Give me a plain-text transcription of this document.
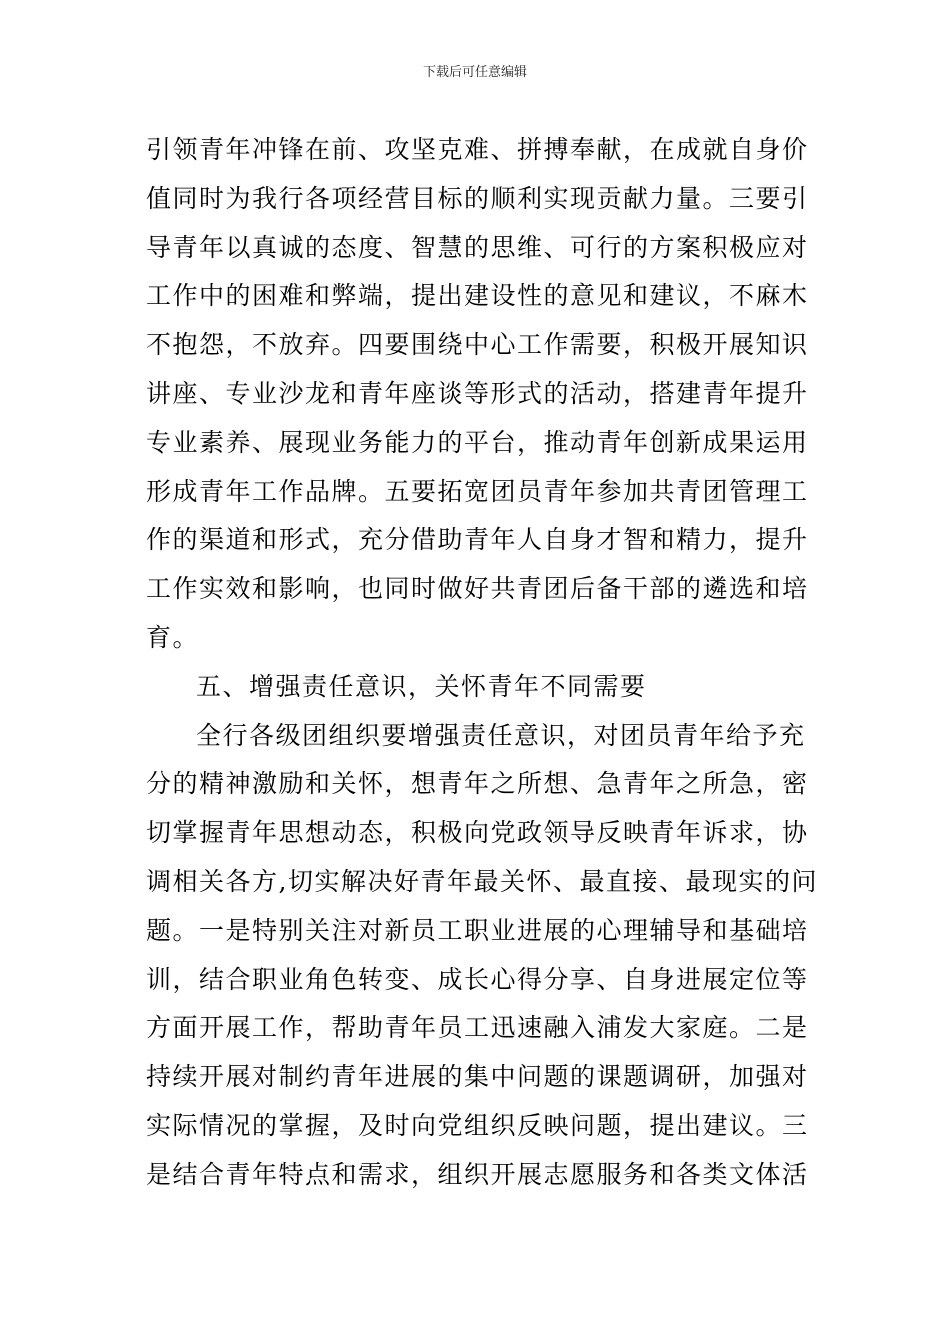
下载后可任意编辑
引领青年冲锋在前、攻坚克难、拼搏奉献，在成就自身价
值同时为我行各项经营目标的顺利实现贡献力量。三要引
导青年以真诚的态度、智慧的思维、可行的方案积极应对
工作中的困难和弊端，提出建设性的意见和建议，不麻木
不抱怨，不放弃。四要围绕中心工作需要，积极开展知识
讲座、专业沙龙和青年座谈等形式的活动，搭建青年提升
专业素养、展现业务能力的平台，推动青年创新成果运用
形成青年工作品牌。五要拓宽团员青年参加共青团管理工
作的渠道和形式，充分借助青年人自身才智和精力，提升
工作实效和影响，也同时做好共青团后备干部的遴选和培
育。
五、增强责任意识，关怀青年不同需要
全行各级团组织要增强责任意识，对团员青年给予充
分的精神激励和关怀，想青年之所想、急青年之所急，密
切掌握青年思想动态，积极向党政领导反映青年诉求，协
调相关各方,切实解决好青年最关怀、最直接、最现实的问
题。一是特别关注对新员工职业进展的心理辅导和基础培
训，结合职业角色转变、成长心得分享、自身进展定位等
方面开展工作，帮助青年员工迅速融入浦发大家庭。二是
持续开展对制约青年进展的集中问题的课题调研，加强对
实际情况的掌握，及时向党组织反映问题，提出建议。三
是结合青年特点和需求，组织开展志愿服务和各类文体活
